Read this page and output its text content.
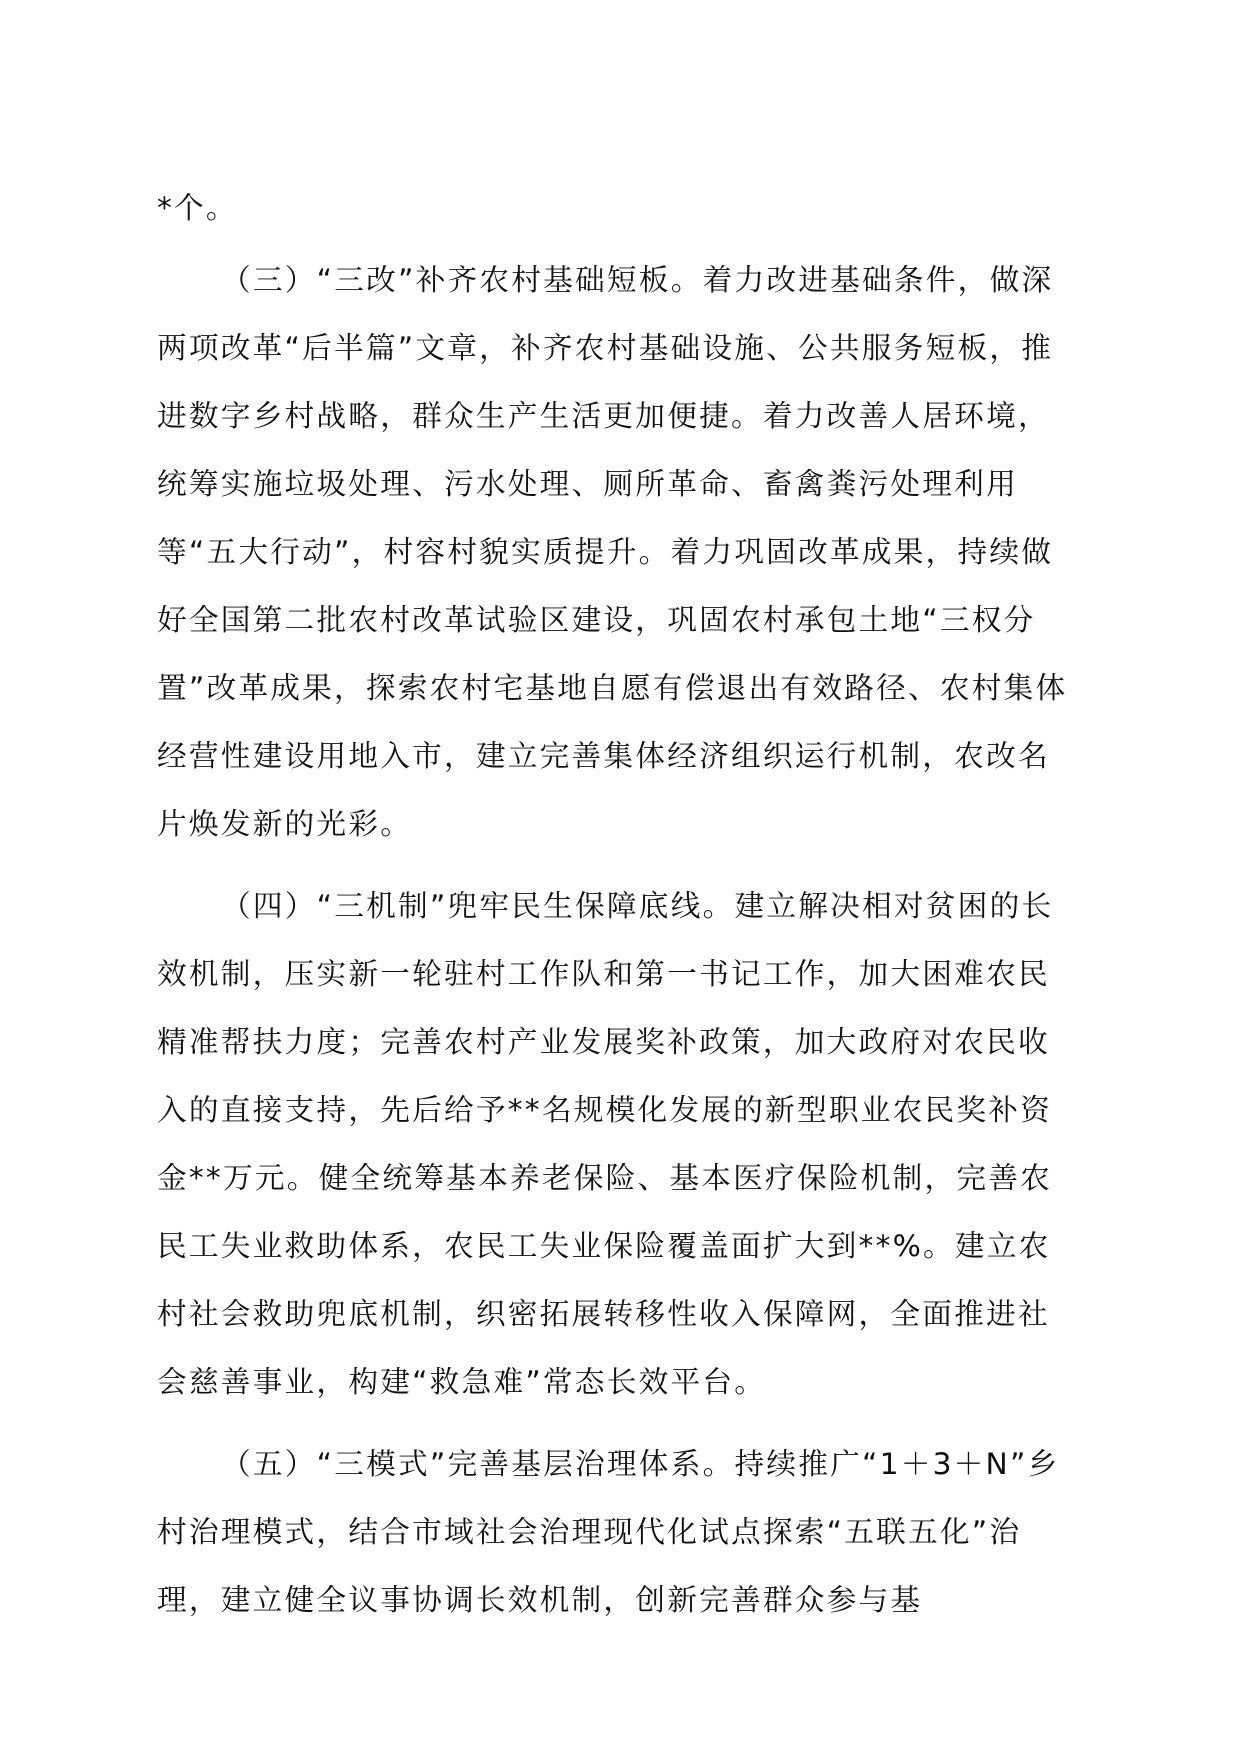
*个。

（三）“三改”补齐农村基础短板。着力改进基础条件，做深两项改革“后半篇”文章，补齐农村基础设施、公共服务短板，推进数字乡村战略，群众生产生活更加便捷。着力改善人居环境，统筹实施垃圾处理、污水处理、厕所革命、畜禽粪污处理利用等“五大行动”，村容村貌实质提升。着力巩固改革成果，持续做好全国第二批农村改革试验区建设，巩固农村承包土地“三权分置”改革成果，探索农村宅基地自愿有偿退出有效路径、农村集体经营性建设用地入市，建立完善集体经济组织运行机制，农改名片焕发新的光彩。

（四）“三机制”兜牢民生保障底线。建立解决相对贫困的长效机制，压实新一轮驻村工作队和第一书记工作，加大困难农民精准帮扶力度；完善农村产业发展奖补政策，加大政府对农民收入的直接支持，先后给予**名规模化发展的新型职业农民奖补资金**万元。健全统筹基本养老保险、基本医疗保险机制，完善农民工失业救助体系，农民工失业保险覆盖面扩大到**%。建立农村社会救助兜底机制，织密拓展转移性收入保障网，全面推进社会慈善事业，构建“救急难”常态长效平台。

（五）“三模式”完善基层治理体系。持续推广“1＋3＋N”乡村治理模式，结合市域社会治理现代化试点探索“五联五化”治理，建立健全议事协调长效机制，创新完善群众参与基
